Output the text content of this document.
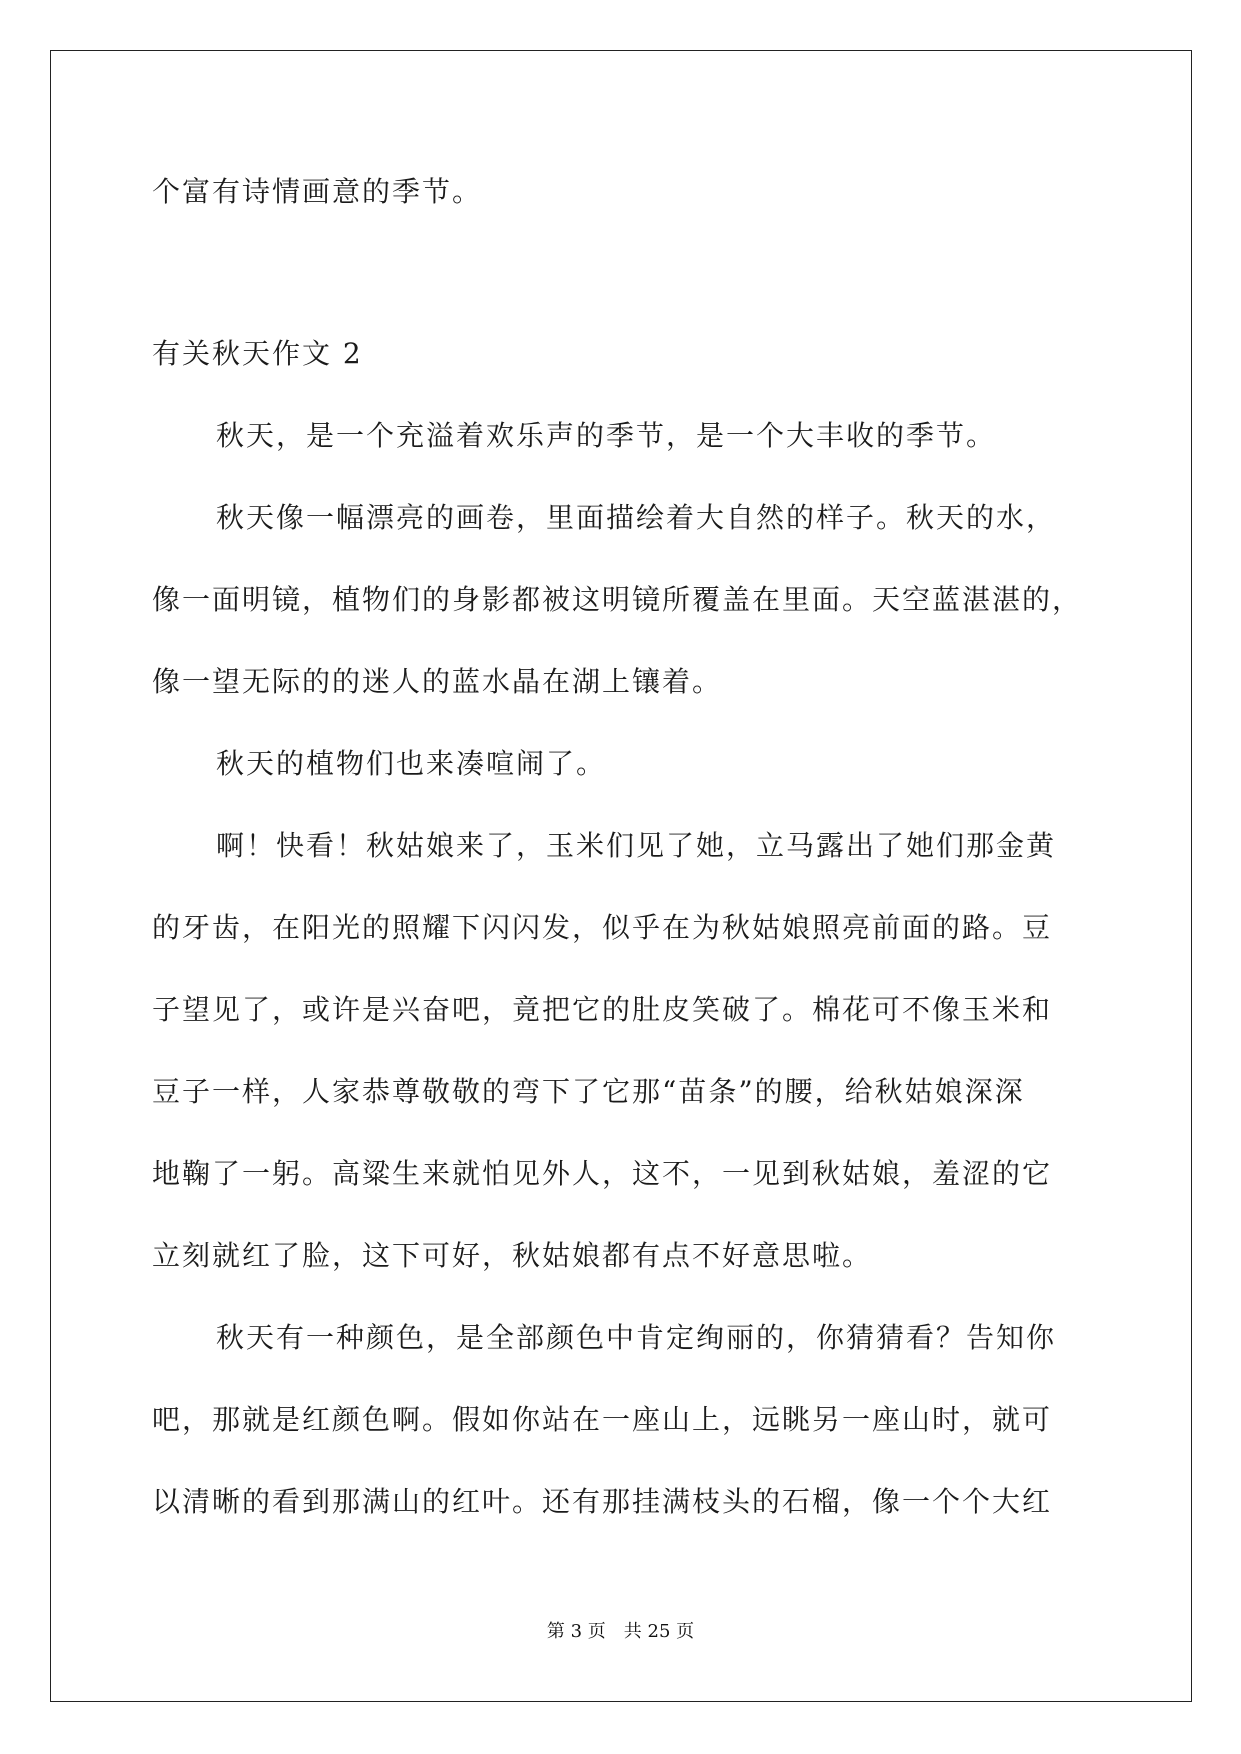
个富有诗情画意的季节。
有关秋天作文 2
秋天，是一个充溢着欢乐声的季节，是一个大丰收的季节。
秋天像一幅漂亮的画卷，里面描绘着大自然的样子。秋天的水，
像一面明镜，植物们的身影都被这明镜所覆盖在里面。天空蓝湛湛的，
像一望无际的的迷人的蓝水晶在湖上镶着。
秋天的植物们也来凑喧闹了。
啊！快看！秋姑娘来了，玉米们见了她，立马露出了她们那金黄
的牙齿，在阳光的照耀下闪闪发，似乎在为秋姑娘照亮前面的路。豆
子望见了，或许是兴奋吧，竟把它的肚皮笑破了。棉花可不像玉米和
豆子一样，人家恭尊敬敬的弯下了它那“苗条”的腰，给秋姑娘深深
地鞠了一躬。高粱生来就怕见外人，这不，一见到秋姑娘，羞涩的它
立刻就红了脸，这下可好，秋姑娘都有点不好意思啦。
秋天有一种颜色，是全部颜色中肯定绚丽的，你猜猜看？告知你
吧，那就是红颜色啊。假如你站在一座山上，远眺另一座山时，就可
以清晰的看到那满山的红叶。还有那挂满枝头的石榴，像一个个大红
第 3 页 共 25 页
